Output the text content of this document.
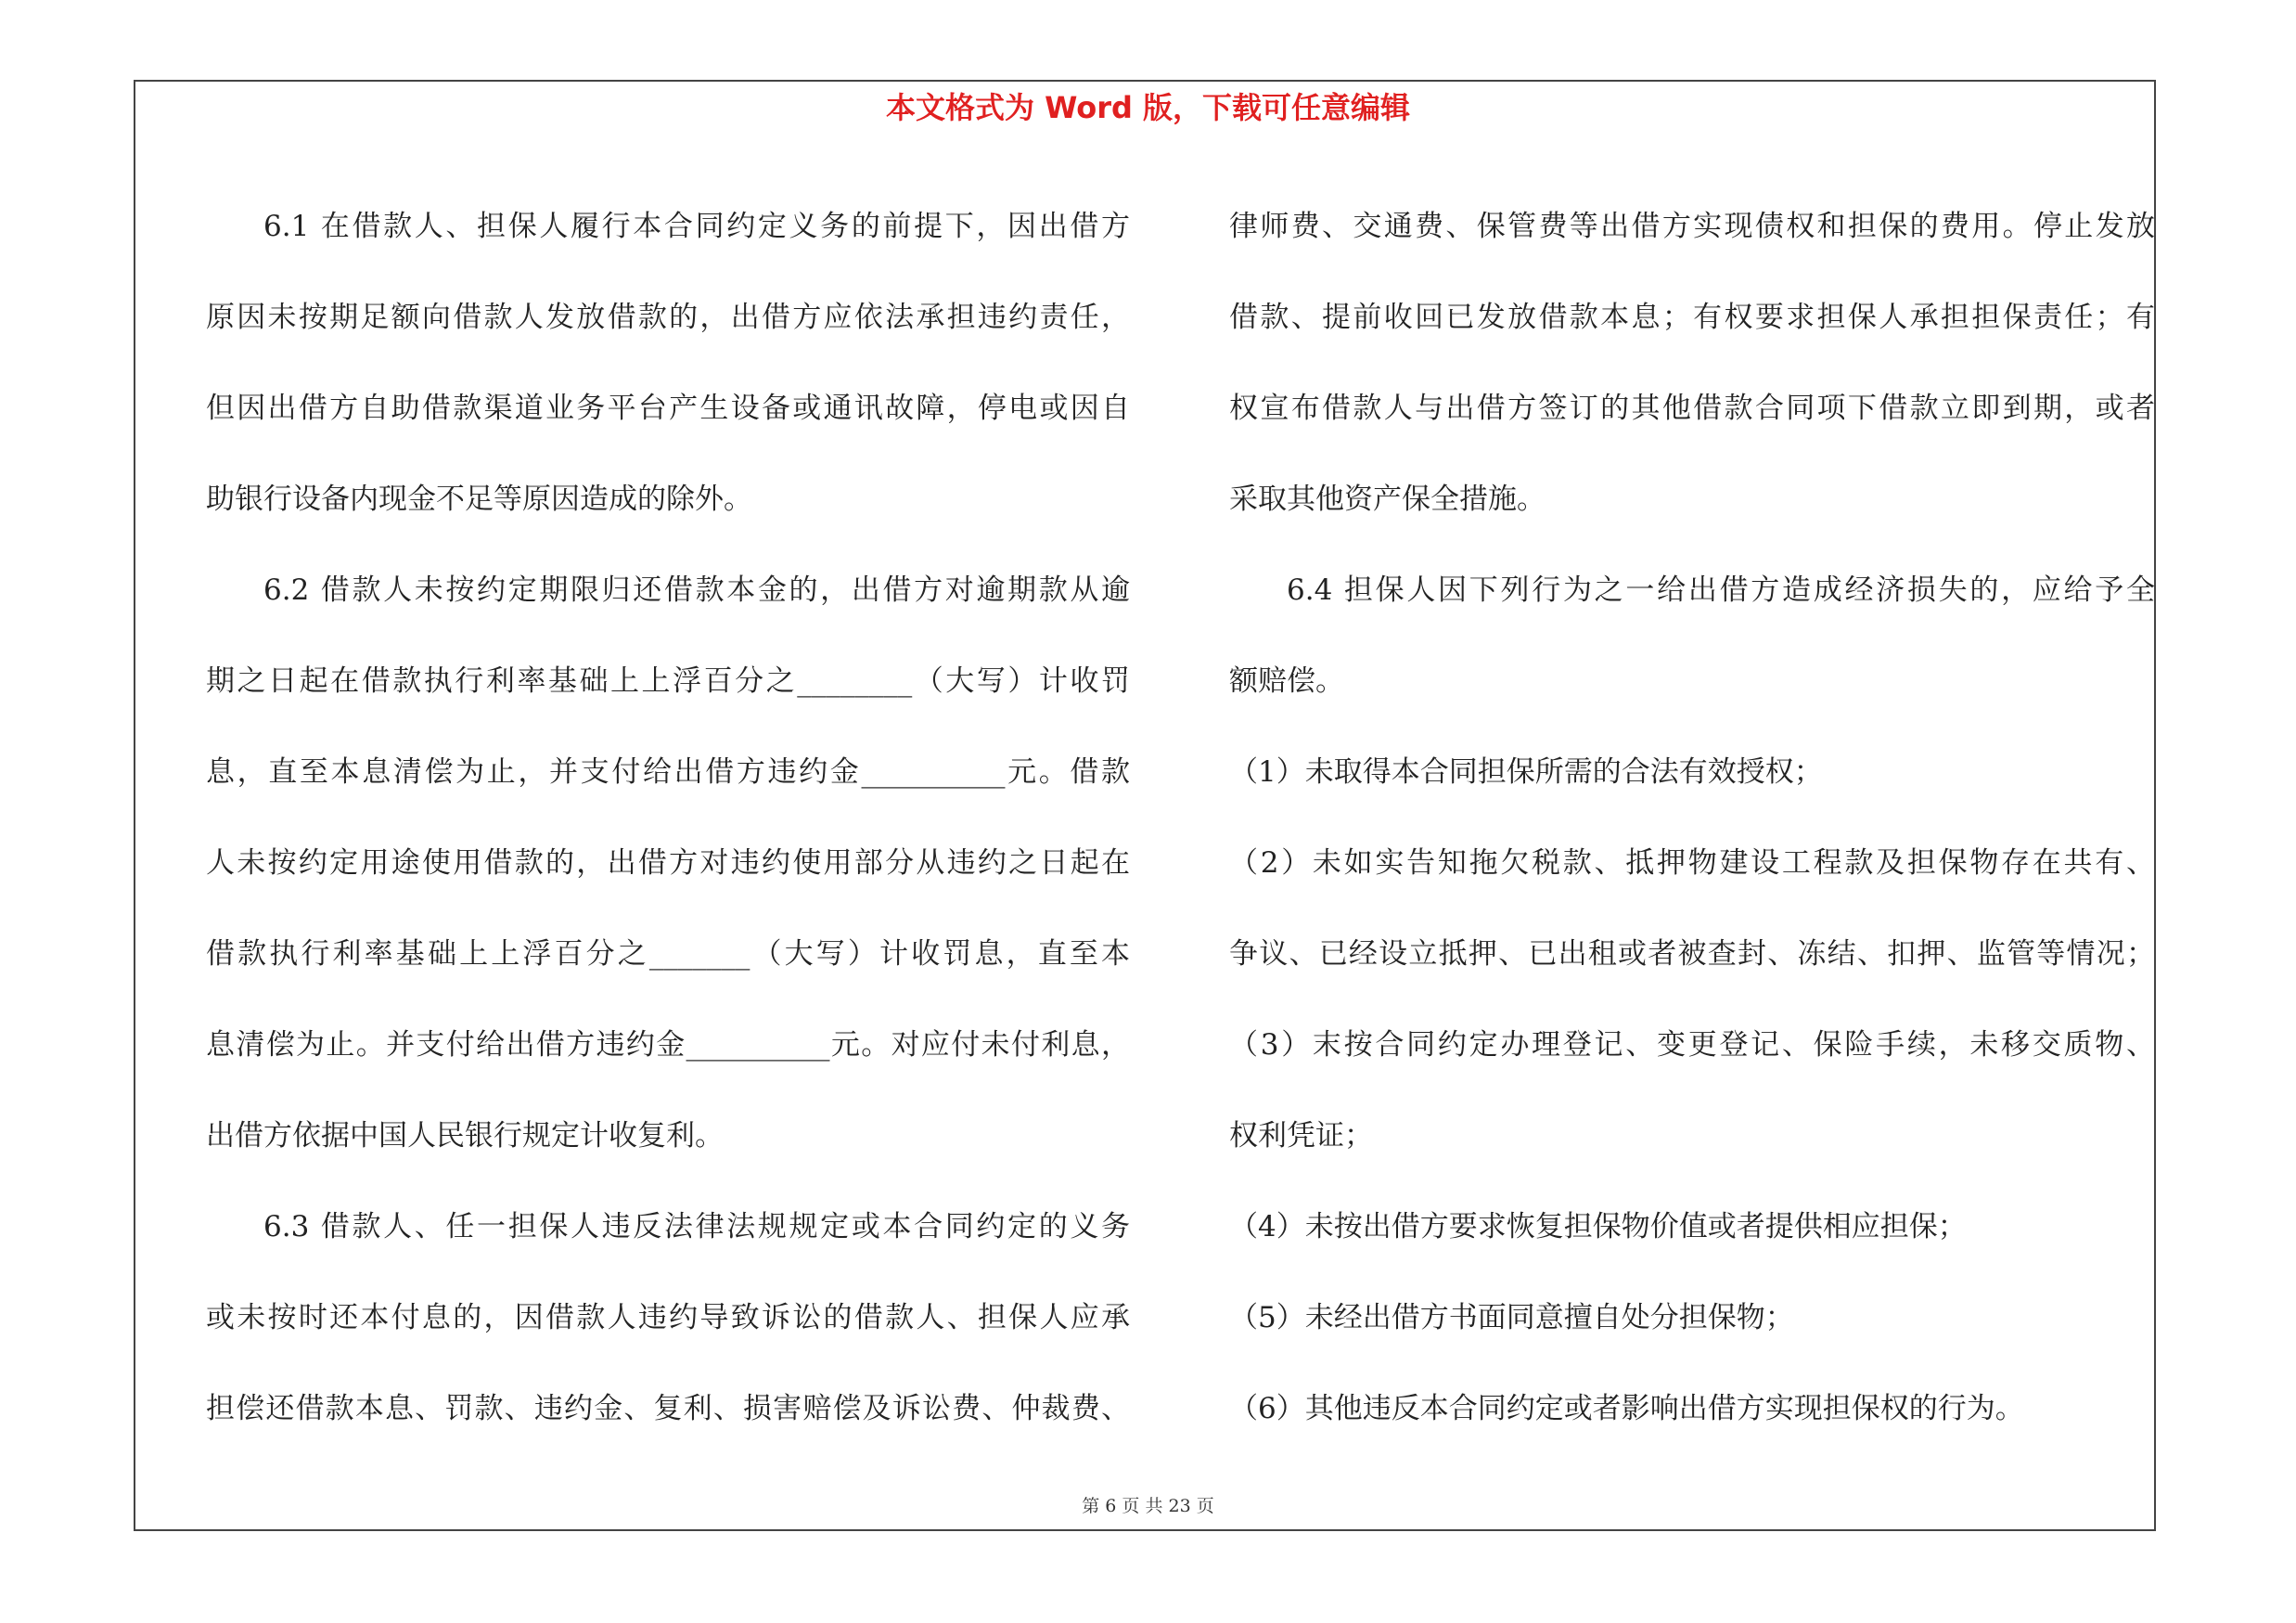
本文格式为 Word 版，下载可任意编辑
6.1 在借款人、担保人履行本合同约定义务的前提下，因出借方
原因未按期足额向借款人发放借款的，出借方应依法承担违约责任，
但因出借方自助借款渠道业务平台产生设备或通讯故障，停电或因自
助银行设备内现金不足等原因造成的除外。
6.2 借款人未按约定期限归还借款本金的，出借方对逾期款从逾
期之日起在借款执行利率基础上上浮百分之________（大写）计收罚
息，直至本息清偿为止，并支付给出借方违约金__________元。借款
人未按约定用途使用借款的，出借方对违约使用部分从违约之日起在
借款执行利率基础上上浮百分之_______（大写）计收罚息，直至本
息清偿为止。并支付给出借方违约金__________元。对应付未付利息，
出借方依据中国人民银行规定计收复利。
6.3 借款人、任一担保人违反法律法规规定或本合同约定的义务
或未按时还本付息的，因借款人违约导致诉讼的借款人、担保人应承
担偿还借款本息、罚款、违约金、复利、损害赔偿及诉讼费、仲裁费、
律师费、交通费、保管费等出借方实现债权和担保的费用。停止发放
借款、提前收回已发放借款本息；有权要求担保人承担担保责任；有
权宣布借款人与出借方签订的其他借款合同项下借款立即到期，或者
采取其他资产保全措施。
6.4 担保人因下列行为之一给出借方造成经济损失的，应给予全
额赔偿。
（1）未取得本合同担保所需的合法有效授权；
（2）未如实告知拖欠税款、抵押物建设工程款及担保物存在共有、
争议、已经设立抵押、已出租或者被查封、冻结、扣押、监管等情况；
（3）末按合同约定办理登记、变更登记、保险手续，未移交质物、
权利凭证；
（4）未按出借方要求恢复担保物价值或者提供相应担保；
（5）未经出借方书面同意擅自处分担保物；
（6）其他违反本合同约定或者影响出借方实现担保权的行为。
第 6 页 共 23 页
